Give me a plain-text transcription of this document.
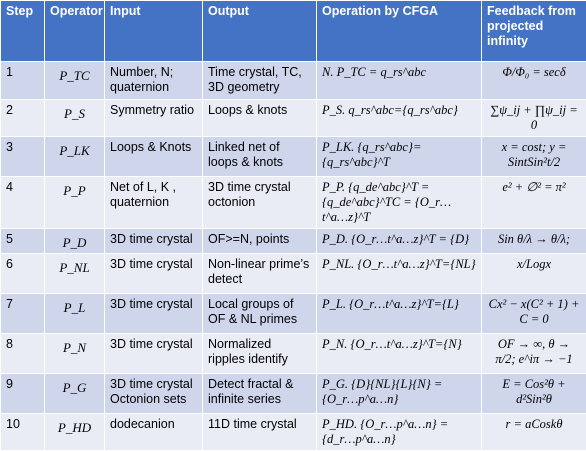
Step	Operator	Input	Output	Operation by CFGA	Feedback from projected infinity
1	P_TC	Number, N; quaternion	Time crystal, TC, 3D geometry	N. P_TC = q_rs^abc	Φ/Φ₀ = secδ
2	P_S	Symmetry ratio	Loops & knots	P_S. q_rs^abc={q_rs^abc}	∑ψ_ij + ∏ψ_ij = 0
3	P_LK	Loops & Knots	Linked net of loops & knots	P_LK. {q_rs^abc}={q_rs^abc}^T	x = cost; y = SintSin²t/2
4	P_P	Net of L, K , quaternion	3D time crystal octonion	P_P. {q_de^abc}^T = {q_de^abc}^TC = {O_r…t^a…z}^T	e² + ∅² = π²
5	P_D	3D time crystal	OF>=N, points	P_D. {O_r…t^a…z}^T = {D}	Sin θ/λ → θ/λ;
6	P_NL	3D time crystal	Non-linear prime’s detect	P_NL. {O_r…t^a…z}^T={NL}	x/Logx
7	P_L	3D time crystal	Local groups of OF & NL primes	P_L. {O_r…t^a…z}^T={L}	Cx² − x(C² + 1) + C = 0
8	P_N	3D time crystal	Normalized ripples identify	P_N. {O_r…t^a…z}^T={N}	OF → ∞, θ → π/2; e^iπ → −1
9	P_G	3D time crystal Octonion sets	Detect fractal & infinite series	P_G. {D}{NL}{L}{N} = {O_r…p^a…n}	E = Cos²θ + d²Sin²θ
10	P_HD	dodecanion	11D time crystal	P_HD. {O_r…p^a…n} = {d_r…p^a…n}	r = aCoskθ
